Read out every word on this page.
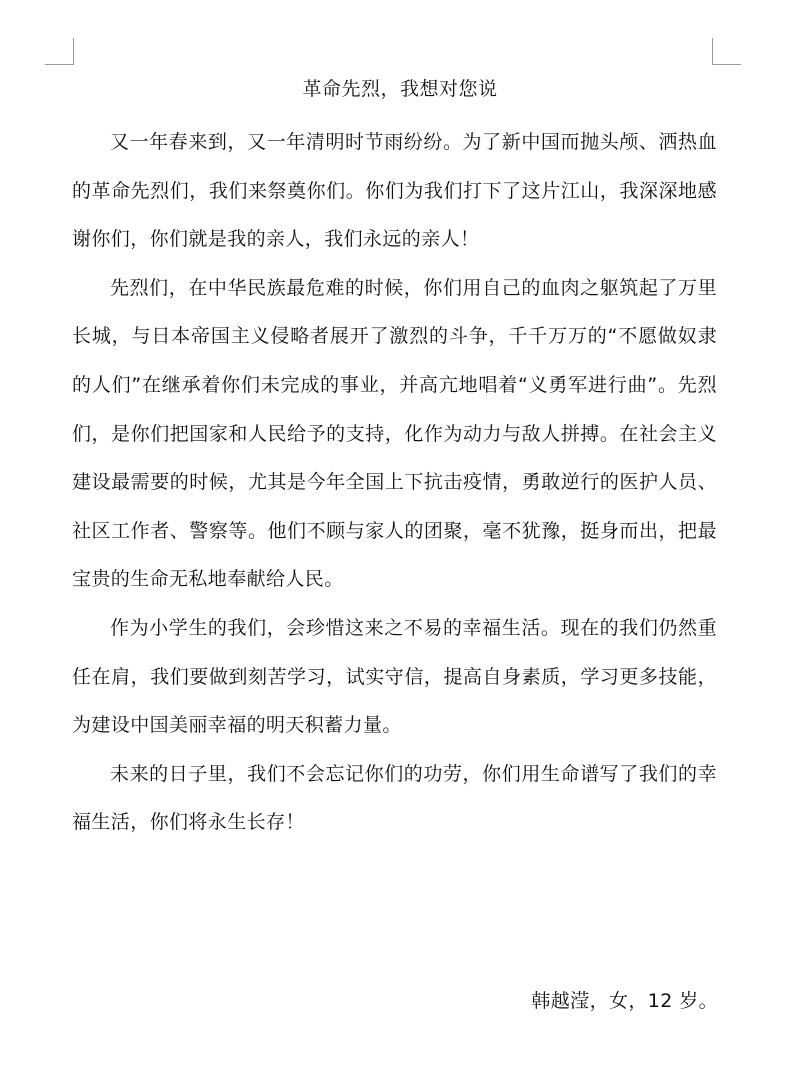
革命先烈，我想对您说

又一年春来到，又一年清明时节雨纷纷。为了新中国而抛头颅、洒热血的革命先烈们，我们来祭奠你们。你们为我们打下了这片江山，我深深地感谢你们，你们就是我的亲人，我们永远的亲人！

先烈们，在中华民族最危难的时候，你们用自己的血肉之躯筑起了万里长城，与日本帝国主义侵略者展开了激烈的斗争，千千万万的“不愿做奴隶的人们”在继承着你们未完成的事业，并高亢地唱着“义勇军进行曲”。先烈们，是你们把国家和人民给予的支持，化作为动力与敌人拼搏。在社会主义建设最需要的时候，尤其是今年全国上下抗击疫情，勇敢逆行的医护人员、社区工作者、警察等。他们不顾与家人的团聚，毫不犹豫，挺身而出，把最宝贵的生命无私地奉献给人民。

作为小学生的我们，会珍惜这来之不易的幸福生活。现在的我们仍然重任在肩，我们要做到刻苦学习，试实守信，提高自身素质，学习更多技能，为建设中国美丽幸福的明天积蓄力量。

未来的日子里，我们不会忘记你们的功劳，你们用生命谱写了我们的幸福生活，你们将永生长存！

韩越滢，女，12 岁。
